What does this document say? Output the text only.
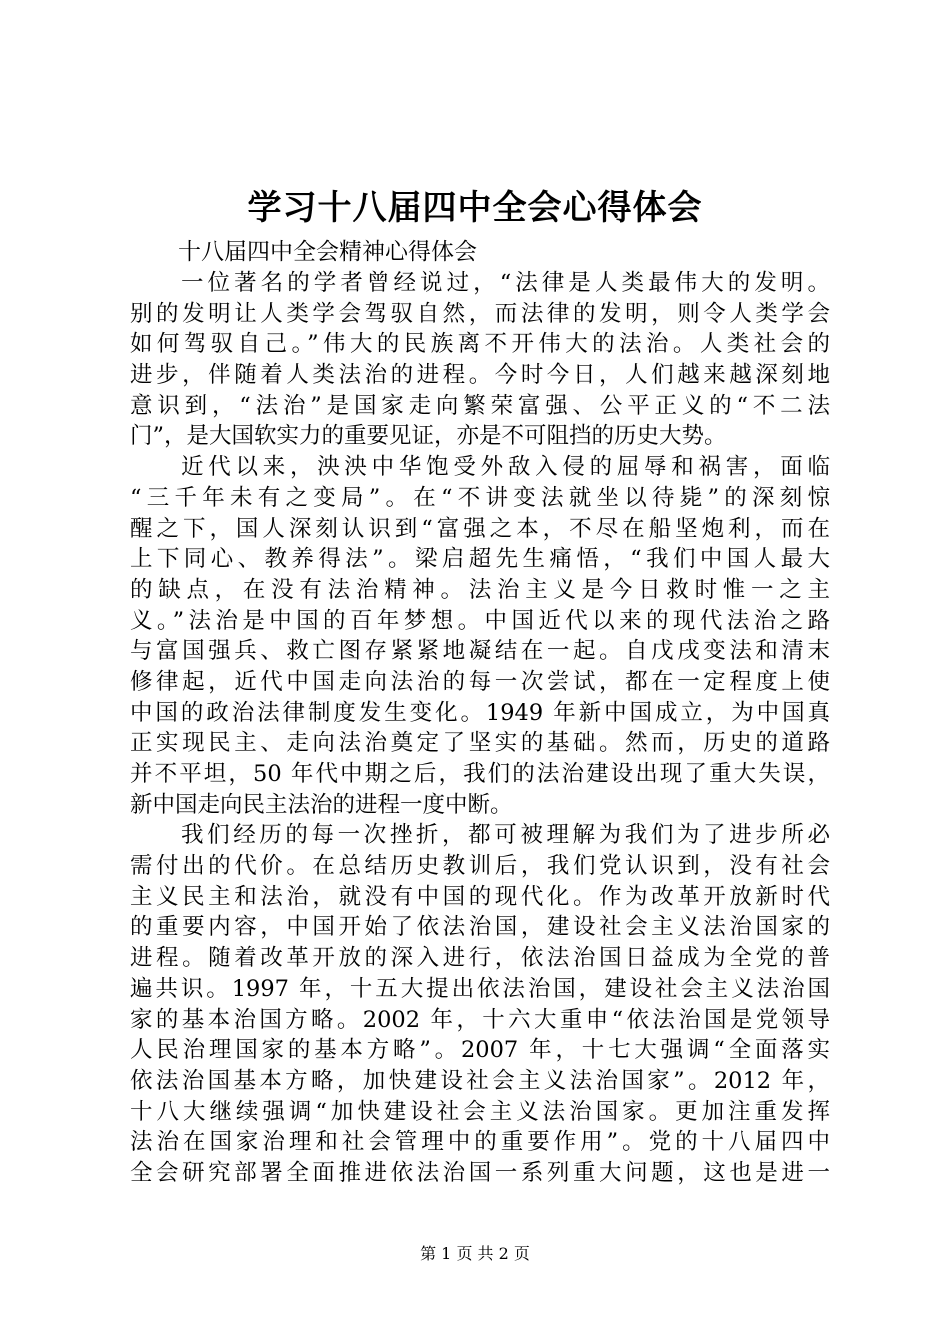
学习十八届四中全会心得体会
十八届四中全会精神心得体会
一位著名的学者曾经说过，“法律是人类最伟大的发明。
别的发明让人类学会驾驭自然，而法律的发明，则令人类学会
如何驾驭自己。”伟大的民族离不开伟大的法治。人类社会的
进步，伴随着人类法治的进程。今时今日，人们越来越深刻地
意识到，“法治”是国家走向繁荣富强、公平正义的“不二法
门”，是大国软实力的重要见证，亦是不可阻挡的历史大势。
近代以来，泱泱中华饱受外敌入侵的屈辱和祸害，面临
“三千年未有之变局”。在“不讲变法就坐以待毙”的深刻惊
醒之下，国人深刻认识到“富强之本，不尽在船坚炮利，而在
上下同心、教养得法”。梁启超先生痛悟，“我们中国人最大
的缺点，在没有法治精神。法治主义是今日救时惟一之主
义。”法治是中国的百年梦想。中国近代以来的现代法治之路
与富国强兵、救亡图存紧紧地凝结在一起。自戊戌变法和清末
修律起，近代中国走向法治的每一次尝试，都在一定程度上使
中国的政治法律制度发生变化。1949 年新中国成立，为中国真
正实现民主、走向法治奠定了坚实的基础。然而，历史的道路
并不平坦，50 年代中期之后，我们的法治建设出现了重大失误，
新中国走向民主法治的进程一度中断。
我们经历的每一次挫折，都可被理解为我们为了进步所必
需付出的代价。在总结历史教训后，我们党认识到，没有社会
主义民主和法治，就没有中国的现代化。作为改革开放新时代
的重要内容，中国开始了依法治国，建设社会主义法治国家的
进程。随着改革开放的深入进行，依法治国日益成为全党的普
遍共识。1997 年，十五大提出依法治国，建设社会主义法治国
家的基本治国方略。2002 年，十六大重申“依法治国是党领导
人民治理国家的基本方略”。2007 年，十七大强调“全面落实
依法治国基本方略，加快建设社会主义法治国家”。2012 年，
十八大继续强调“加快建设社会主义法治国家。更加注重发挥
法治在国家治理和社会管理中的重要作用”。党的十八届四中
全会研究部署全面推进依法治国一系列重大问题，这也是进一
第 1 页 共 2 页
